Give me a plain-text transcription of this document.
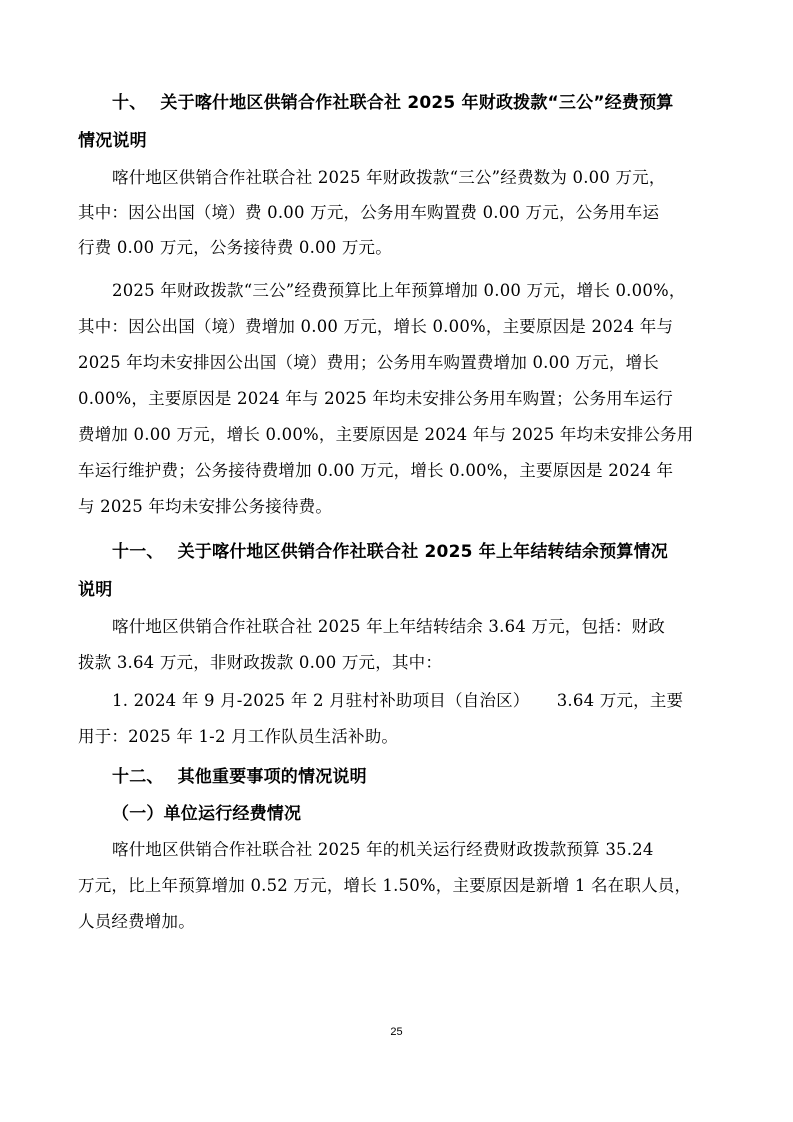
十、 关于喀什地区供销合作社联合社 2025 年财政拨款“三公”经费预算
情况说明
喀什地区供销合作社联合社 2025 年财政拨款“三公”经费数为 0.00 万元，
其中：因公出国（境）费 0.00 万元，公务用车购置费 0.00 万元，公务用车运
行费 0.00 万元，公务接待费 0.00 万元。
2025 年财政拨款“三公”经费预算比上年预算增加 0.00 万元，增长 0.00%，
其中：因公出国（境）费增加 0.00 万元，增长 0.00%，主要原因是 2024 年与
2025 年均未安排因公出国（境）费用；公务用车购置费增加 0.00 万元，增长
0.00%，主要原因是 2024 年与 2025 年均未安排公务用车购置；公务用车运行
费增加 0.00 万元，增长 0.00%，主要原因是 2024 年与 2025 年均未安排公务用
车运行维护费；公务接待费增加 0.00 万元，增长 0.00%，主要原因是 2024 年
与 2025 年均未安排公务接待费。
十一、 关于喀什地区供销合作社联合社 2025 年上年结转结余预算情况
说明
喀什地区供销合作社联合社 2025 年上年结转结余 3.64 万元，包括：财政
拨款 3.64 万元，非财政拨款 0.00 万元，其中：
1. 2024 年 9 月-2025 年 2 月驻村补助项目（自治区）     3.64 万元，主要
用于：2025 年 1-2 月工作队员生活补助。
十二、 其他重要事项的情况说明
（一）单位运行经费情况
喀什地区供销合作社联合社 2025 年的机关运行经费财政拨款预算 35.24
万元，比上年预算增加 0.52 万元，增长 1.50%，主要原因是新增 1 名在职人员，
人员经费增加。
25
